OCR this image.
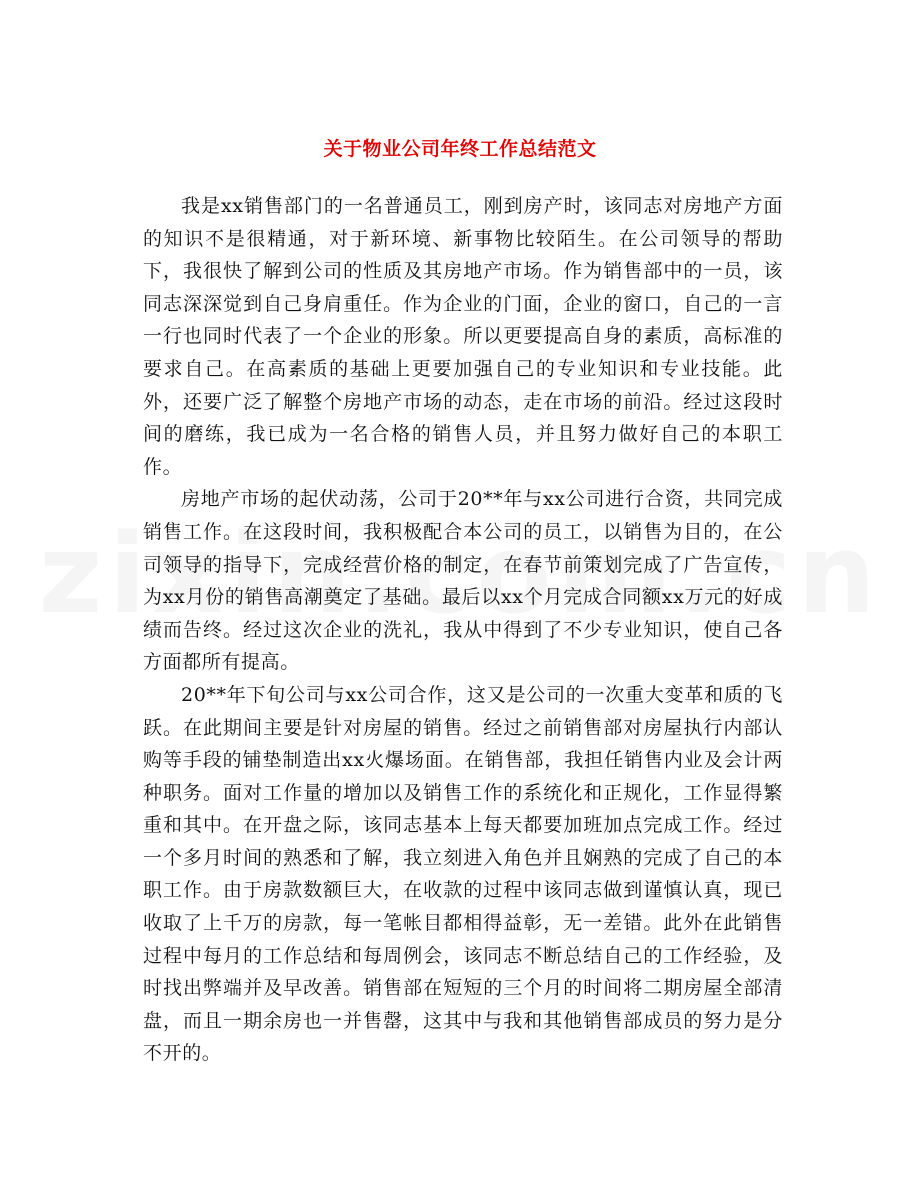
关于物业公司年终工作总结范文

我是xx销售部门的一名普通员工，刚到房产时，该同志对房地产方面的知识不是很精通，对于新环境、新事物比较陌生。在公司领导的帮助下，我很快了解到公司的性质及其房地产市场。作为销售部中的一员，该同志深深觉到自己身肩重任。作为企业的门面，企业的窗口，自己的一言一行也同时代表了一个企业的形象。所以更要提高自身的素质，高标准的要求自己。在高素质的基础上更要加强自己的专业知识和专业技能。此外，还要广泛了解整个房地产市场的动态，走在市场的前沿。经过这段时间的磨练，我已成为一名合格的销售人员，并且努力做好自己的本职工作。

房地产市场的起伏动荡，公司于20**年与xx公司进行合资，共同完成销售工作。在这段时间，我积极配合本公司的员工，以销售为目的，在公司领导的指导下，完成经营价格的制定，在春节前策划完成了广告宣传，为xx月份的销售高潮奠定了基础。最后以xx个月完成合同额xx万元的好成绩而告终。经过这次企业的洗礼，我从中得到了不少专业知识，使自己各方面都所有提高。

20**年下旬公司与xx公司合作，这又是公司的一次重大变革和质的飞跃。在此期间主要是针对房屋的销售。经过之前销售部对房屋执行内部认购等手段的铺垫制造出xx火爆场面。在销售部，我担任销售内业及会计两种职务。面对工作量的增加以及销售工作的系统化和正规化，工作显得繁重和其中。在开盘之际，该同志基本上每天都要加班加点完成工作。经过一个多月时间的熟悉和了解，我立刻进入角色并且娴熟的完成了自己的本职工作。由于房款数额巨大，在收款的过程中该同志做到谨慎认真，现已收取了上千万的房款，每一笔帐目都相得益彰，无一差错。此外在此销售过程中每月的工作总结和每周例会，该同志不断总结自己的工作经验，及时找出弊端并及早改善。销售部在短短的三个月的时间将二期房屋全部清盘，而且一期余房也一并售罄，这其中与我和其他销售部成员的努力是分不开的。
